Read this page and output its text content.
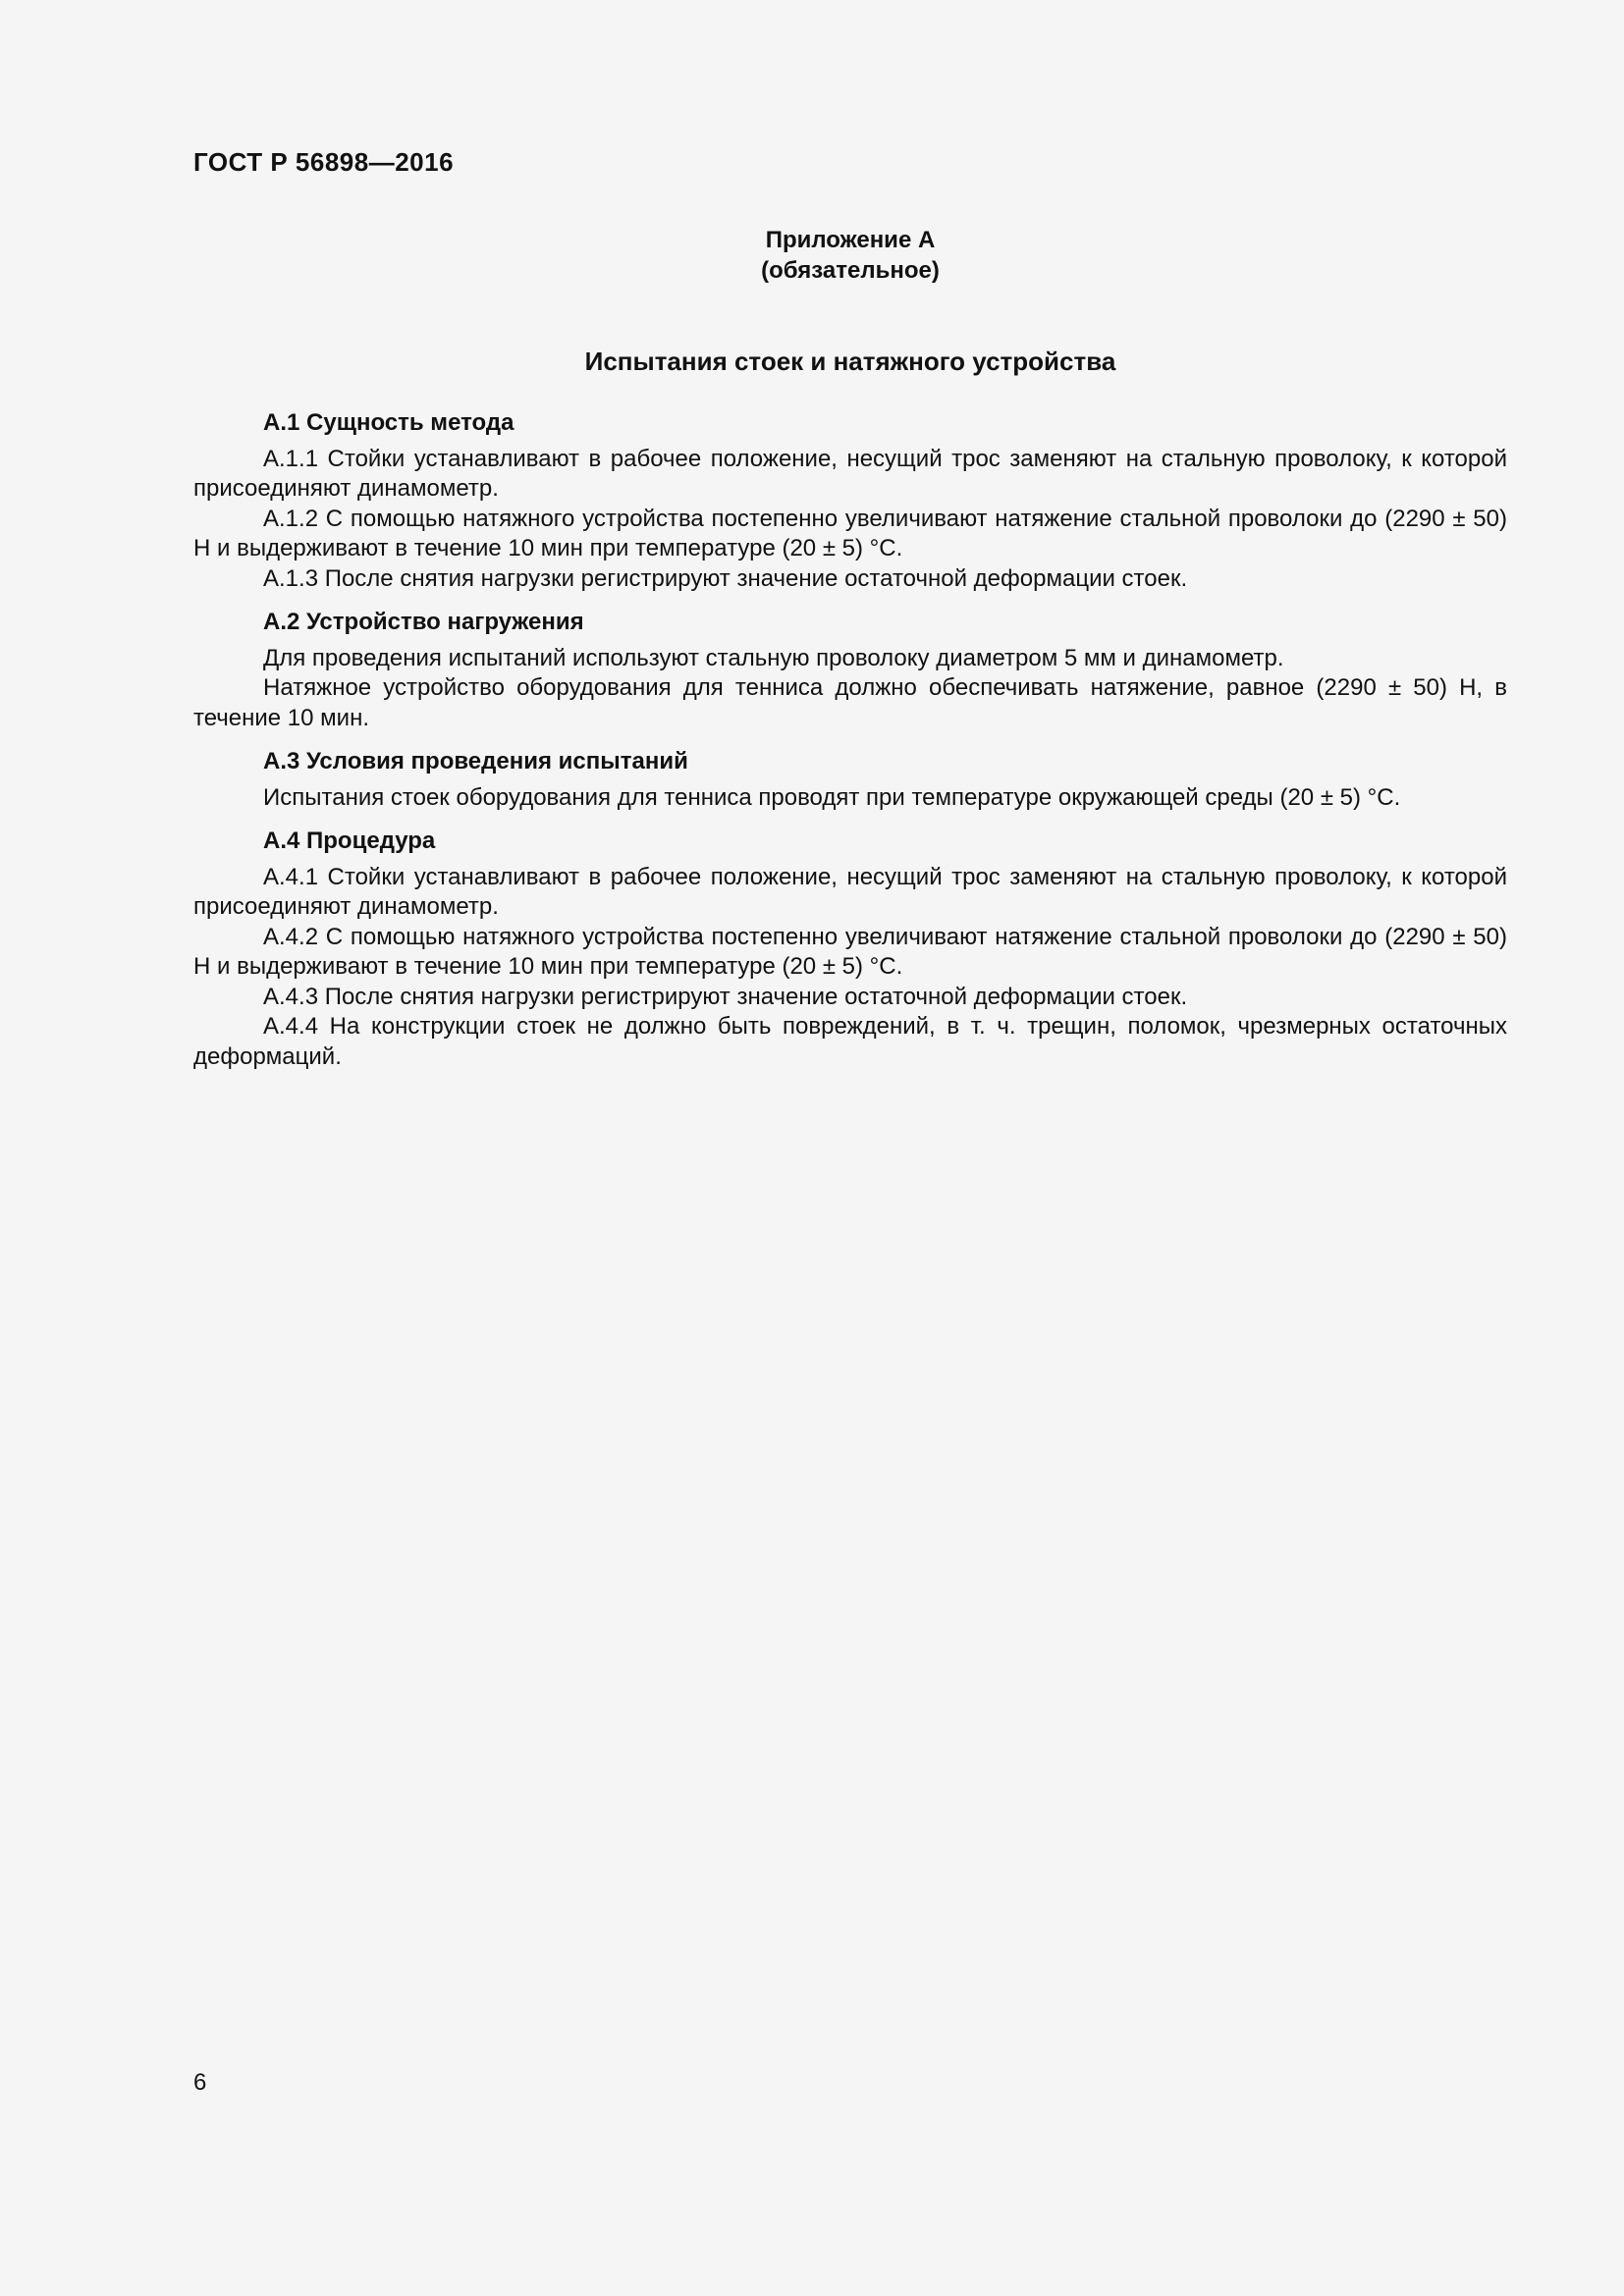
ГОСТ Р 56898—2016
Приложение А
(обязательное)
Испытания стоек и натяжного устройства
А.1 Сущность метода

А.1.1 Стойки устанавливают в рабочее положение, несущий трос заменяют на стальную проволоку, к которой присоединяют динамометр.

А.1.2 С помощью натяжного устройства постепенно увеличивают натяжение стальной проволоки до (2290 ± 50) Н и выдерживают в течение 10 мин при температуре (20 ± 5) °С.

А.1.3 После снятия нагрузки регистрируют значение остаточной деформации стоек.

А.2 Устройство нагружения

Для проведения испытаний используют стальную проволоку диаметром 5 мм и динамометр.

Натяжное устройство оборудования для тенниса должно обеспечивать натяжение, равное (2290 ± 50) Н, в течение 10 мин.

А.3 Условия проведения испытаний

Испытания стоек оборудования для тенниса проводят при температуре окружающей среды (20 ± 5) °С.

А.4 Процедура

А.4.1 Стойки устанавливают в рабочее положение, несущий трос заменяют на стальную проволоку, к которой присоединяют динамометр.

А.4.2 С помощью натяжного устройства постепенно увеличивают натяжение стальной проволоки до (2290 ± 50) Н и выдерживают в течение 10 мин при температуре (20 ± 5) °С.

А.4.3 После снятия нагрузки регистрируют значение остаточной деформации стоек.

А.4.4 На конструкции стоек не должно быть повреждений, в т. ч. трещин, поломок, чрезмерных остаточных деформаций.

6
